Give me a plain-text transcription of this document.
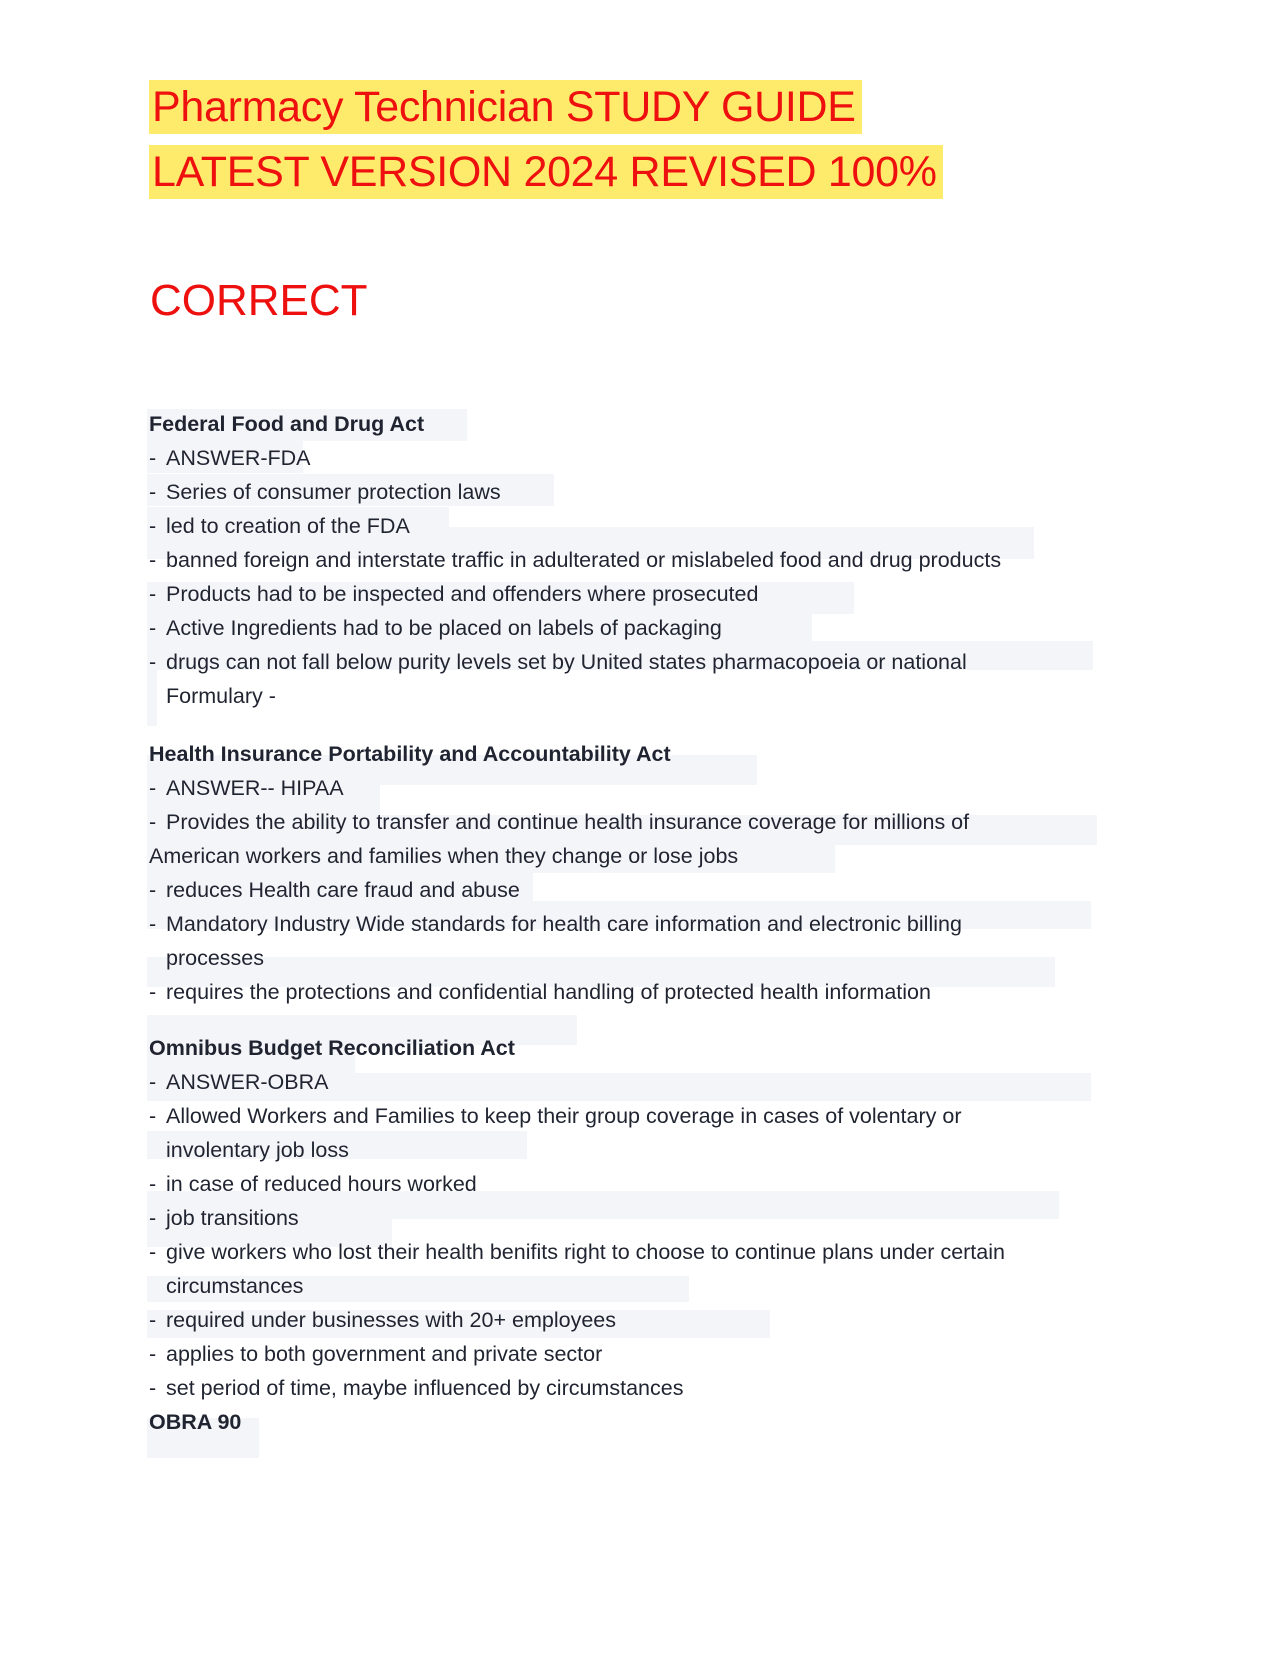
Pharmacy Technician STUDY GUIDE
LATEST VERSION 2024 REVISED 100%
CORRECT
Federal Food and Drug Act
- ANSWER-FDA
- Series of consumer protection laws
- led to creation of the FDA
- banned foreign and interstate traffic in adulterated or mislabeled food and drug products
- Products had to be inspected and offenders where prosecuted
- Active Ingredients had to be placed on labels of packaging
- drugs can not fall below purity levels set by United states pharmacopoeia or national
Formulary -
Health Insurance Portability and Accountability Act
- ANSWER-- HIPAA
- Provides the ability to transfer and continue health insurance coverage for millions of
American workers and families when they change or lose jobs
- reduces Health care fraud and abuse
- Mandatory Industry Wide standards for health care information and electronic billing
processes
- requires the protections and confidential handling of protected health information
Omnibus Budget Reconciliation Act
- ANSWER-OBRA
- Allowed Workers and Families to keep their group coverage in cases of volentary or
involentary job loss
- in case of reduced hours worked
- job transitions
- give workers who lost their health benifits right to choose to continue plans under certain
circumstances
- required under businesses with 20+ employees
- applies to both government and private sector
- set period of time, maybe influenced by circumstances
OBRA 90
